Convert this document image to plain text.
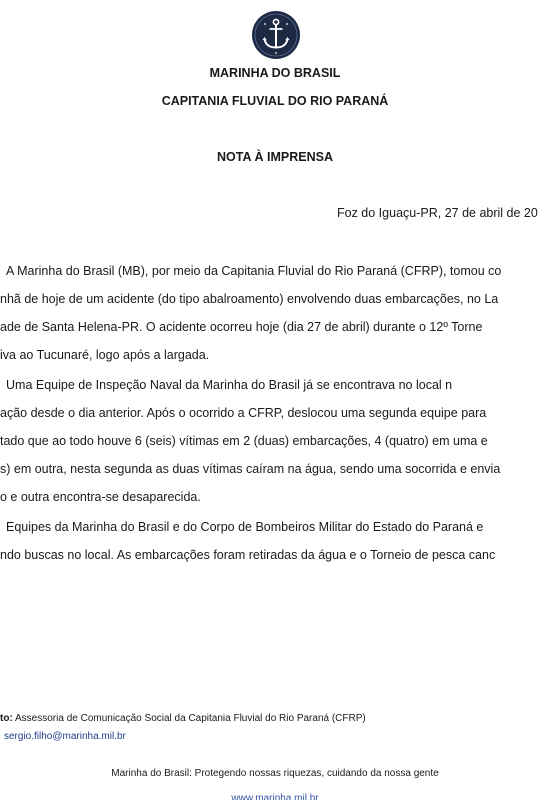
MARINHA DO BRASIL
CAPITANIA FLUVIAL DO RIO PARANÁ
NOTA À IMPRENSA
Foz do Iguaçu-PR, 27 de abril de 20
A Marinha do Brasil (MB), por meio da Capitania Fluvial do Rio Paraná (CFRP), tomou co
nhã de hoje de um acidente (do tipo abalroamento) envolvendo duas embarcações, no La
ade de Santa Helena-PR. O acidente ocorreu hoje (dia 27 de abril) durante o 12º Torne
iva ao Tucunaré, logo após a largada.
Uma Equipe de Inspeção Naval da Marinha do Brasil já se encontrava no local n
ação desde o dia anterior. Após o ocorrido a CFRP, deslocou uma segunda equipe para
tado que ao todo houve 6 (seis) vítimas em 2 (duas) embarcações, 4 (quatro) em uma e
s) em outra, nesta segunda as duas vítimas caíram na água, sendo uma socorrida e envia
o e outra encontra-se desaparecida.
Equipes da Marinha do Brasil e do Corpo de Bombeiros Militar do Estado do Paraná e
ndo buscas no local. As embarcações foram retiradas da água e o Torneio de pesca canc
to: Assessoria de Comunicação Social da Capitania Fluvial do Rio Paraná (CFRP)
sergio.filho@marinha.mil.br
Marinha do Brasil: Protegendo nossas riquezas, cuidando da nossa gente
www.marinha.mil.br
